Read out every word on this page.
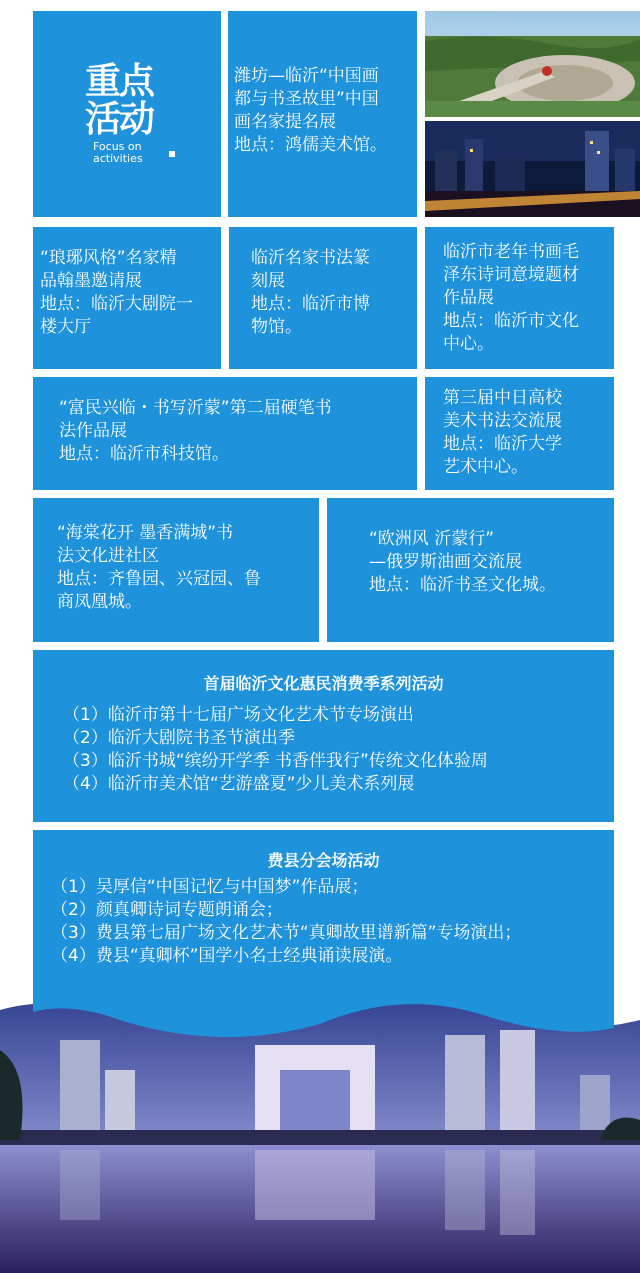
重点
活动
Focus on
activities
潍坊—临沂“中国画
都与书圣故里”中国
画名家提名展
地点：鸿儒美术馆。
“琅琊风格”名家精
品翰墨邀请展
地点：临沂大剧院一
楼大厅
临沂名家书法篆
刻展
地点：临沂市博
物馆。
临沂市老年书画毛
泽东诗词意境题材
作品展
地点：临沂市文化
中心。
“富民兴临・书写沂蒙”第二届硬笔书
法作品展
地点：临沂市科技馆。
第三届中日高校
美术书法交流展
地点：临沂大学
艺术中心。
“海棠花开 墨香满城”书
法文化进社区
地点：齐鲁园、兴冠园、鲁
商凤凰城。
“欧洲风 沂蒙行”
—俄罗斯油画交流展
地点：临沂书圣文化城。
首届临沂文化惠民消费季系列活动
（1）临沂市第十七届广场文化艺术节专场演出
（2）临沂大剧院书圣节演出季
（3）临沂书城“缤纷开学季 书香伴我行”传统文化体验周
（4）临沂市美术馆“艺游盛夏”少儿美术系列展
费县分会场活动
（1）吴厚信“中国记忆与中国梦”作品展；
（2）颜真卿诗词专题朗诵会；
（3）费县第七届广场文化艺术节“真卿故里谱新篇”专场演出；
（4）费县“真卿杯”国学小名士经典诵读展演。
